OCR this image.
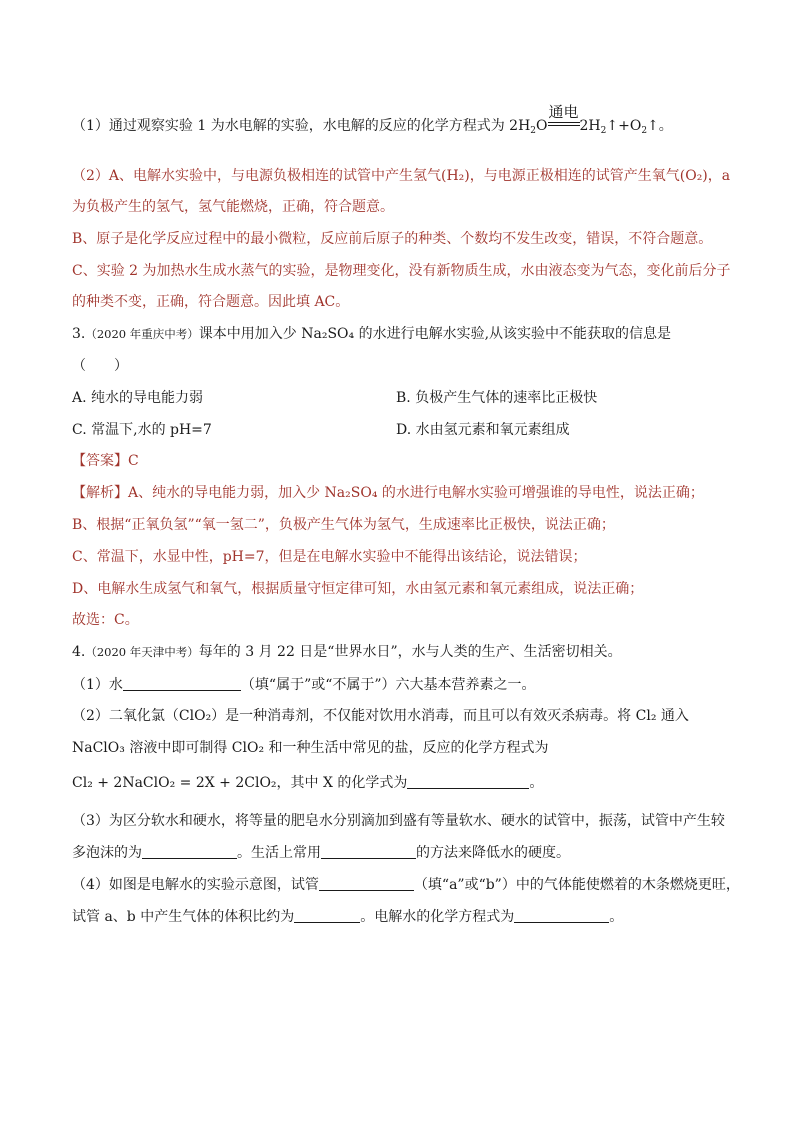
（1）通过观察实验 1 为水电解的实验，水电解的反应的化学方程式为 $2H_2O$
通电
$2H_2↑+O_2↑$。
（2）A、电解水实验中，与电源负极相连的试管中产生氢气(H₂)，与电源正极相连的试管产生氧气(O₂)，a
为负极产生的氢气，氢气能燃烧，正确，符合题意。
B、原子是化学反应过程中的最小微粒，反应前后原子的种类、个数均不发生改变，错误，不符合题意。
C、实验 2 为加热水生成水蒸气的实验，是物理变化，没有新物质生成，水由液态变为气态，变化前后分子
的种类不变，正确，符合题意。因此填 AC。
3.（2020 年重庆中考）课本中用加入少 Na₂SO₄ 的水进行电解水实验,从该实验中不能获取的信息是
（　　）
A. 纯水的导电能力弱	B. 负极产生气体的速率比正极快
C. 常温下,水的 pH=7	D. 水由氢元素和氧元素组成
【答案】C
【解析】A、纯水的导电能力弱，加入少 Na₂SO₄ 的水进行电解水实验可增强谁的导电性，说法正确；
B、根据“正氧负氢”“氧一氢二”，负极产生气体为氢气，生成速率比正极快，说法正确；
C、常温下，水显中性，pH=7，但是在电解水实验中不能得出该结论，说法错误；
D、电解水生成氢气和氧气，根据质量守恒定律可知，水由氢元素和氧元素组成，说法正确；
故选：C。
4.（2020 年天津中考）每年的 3 月 22 日是“世界水日”，水与人类的生产、生活密切相关。
（1）水	（填“属于”或“不属于”）六大基本营养素之一。
（2）二氧化氯（ClO₂）是一种消毒剂，不仅能对饮用水消毒，而且可以有效灭杀病毒。将 Cl₂ 通入
NaClO₃ 溶液中即可制得 ClO₂ 和一种生活中常见的盐，反应的化学方程式为
Cl₂ + 2NaClO₂ = 2X + 2ClO₂，其中 X 的化学式为	。
（3）为区分软水和硬水，将等量的肥皂水分别滴加到盛有等量软水、硬水的试管中，振荡，试管中产生较
多泡沫的为	。生活上常用	的方法来降低水的硬度。
（4）如图是电解水的实验示意图，试管	（填“a”或“b”）中的气体能使燃着的木条燃烧更旺，
试管 a、b 中产生气体的体积比约为	。电解水的化学方程式为	。
